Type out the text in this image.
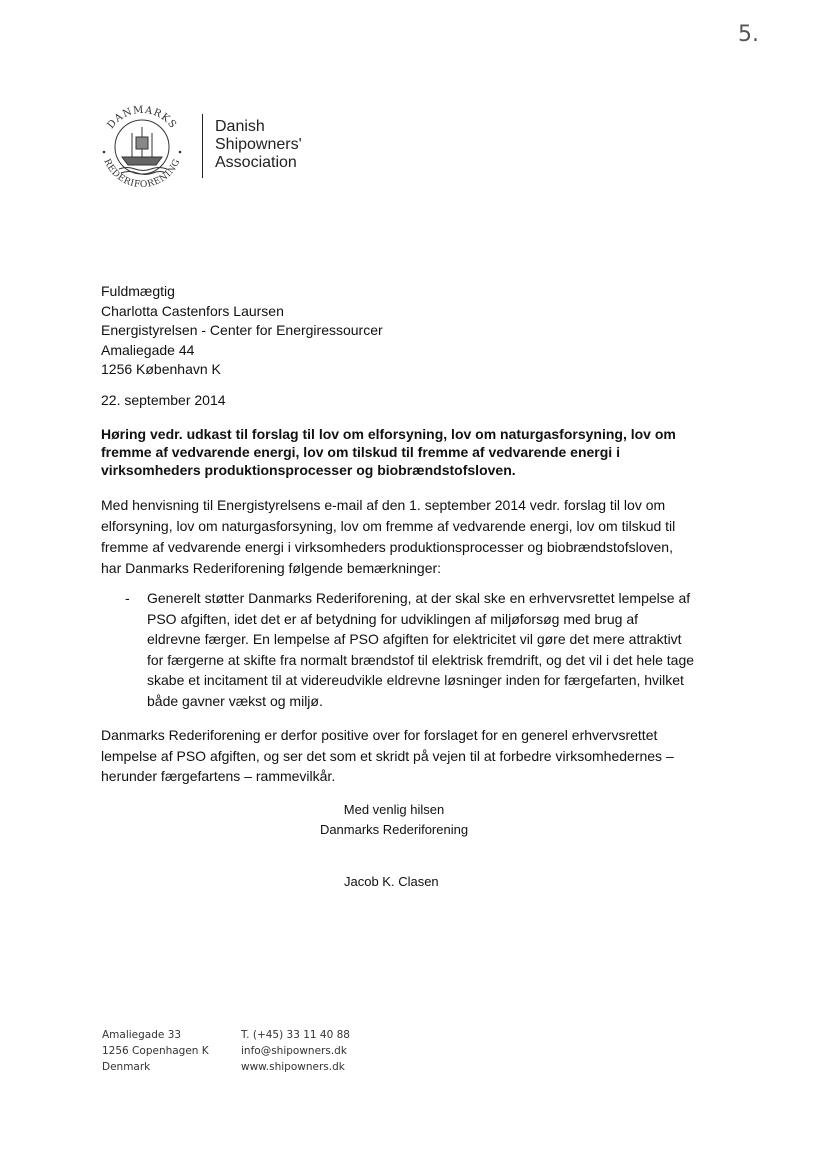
5.
DANMARKS
REDERIFORENING
Danish
Shipowners'
Association
Fuldmægtig
Charlotta Castenfors Laursen
Energistyrelsen - Center for Energiressourcer
Amaliegade 44
1256 København K
22. september 2014
Høring vedr. udkast til forslag til lov om elforsyning, lov om naturgasforsyning, lov om fremme af vedvarende energi, lov om tilskud til fremme af vedvarende energi i virksomheders produktionsprocesser og biobrændstofsloven.
Med henvisning til Energistyrelsens e-mail af den 1. september 2014 vedr. forslag til lov om elforsyning, lov om naturgasforsyning, lov om fremme af vedvarende energi, lov om tilskud til fremme af vedvarende energi i virksomheders produktionsprocesser og biobrændstofsloven, har Danmarks Rederiforening følgende bemærkninger:
- Generelt støtter Danmarks Rederiforening, at der skal ske en erhvervsrettet lempelse af PSO afgiften, idet det er af betydning for udviklingen af miljøforsøg med brug af eldrevne færger. En lempelse af PSO afgiften for elektricitet vil gøre det mere attraktivt for færgerne at skifte fra normalt brændstof til elektrisk fremdrift, og det vil i det hele tage skabe et incitament til at videreudvikle eldrevne løsninger inden for færgefarten, hvilket både gavner vækst og miljø.
Danmarks Rederiforening er derfor positive over for forslaget for en generel erhvervsrettet lempelse af PSO afgiften, og ser det som et skridt på vejen til at forbedre virksomhedernes – herunder færgefartens – rammevilkår.
Med venlig hilsen
Danmarks Rederiforening
Jacob K. Clasen
Amaliegade 33
1256 Copenhagen K
Denmark
T. (+45) 33 11 40 88
info@shipowners.dk
www.shipowners.dk
